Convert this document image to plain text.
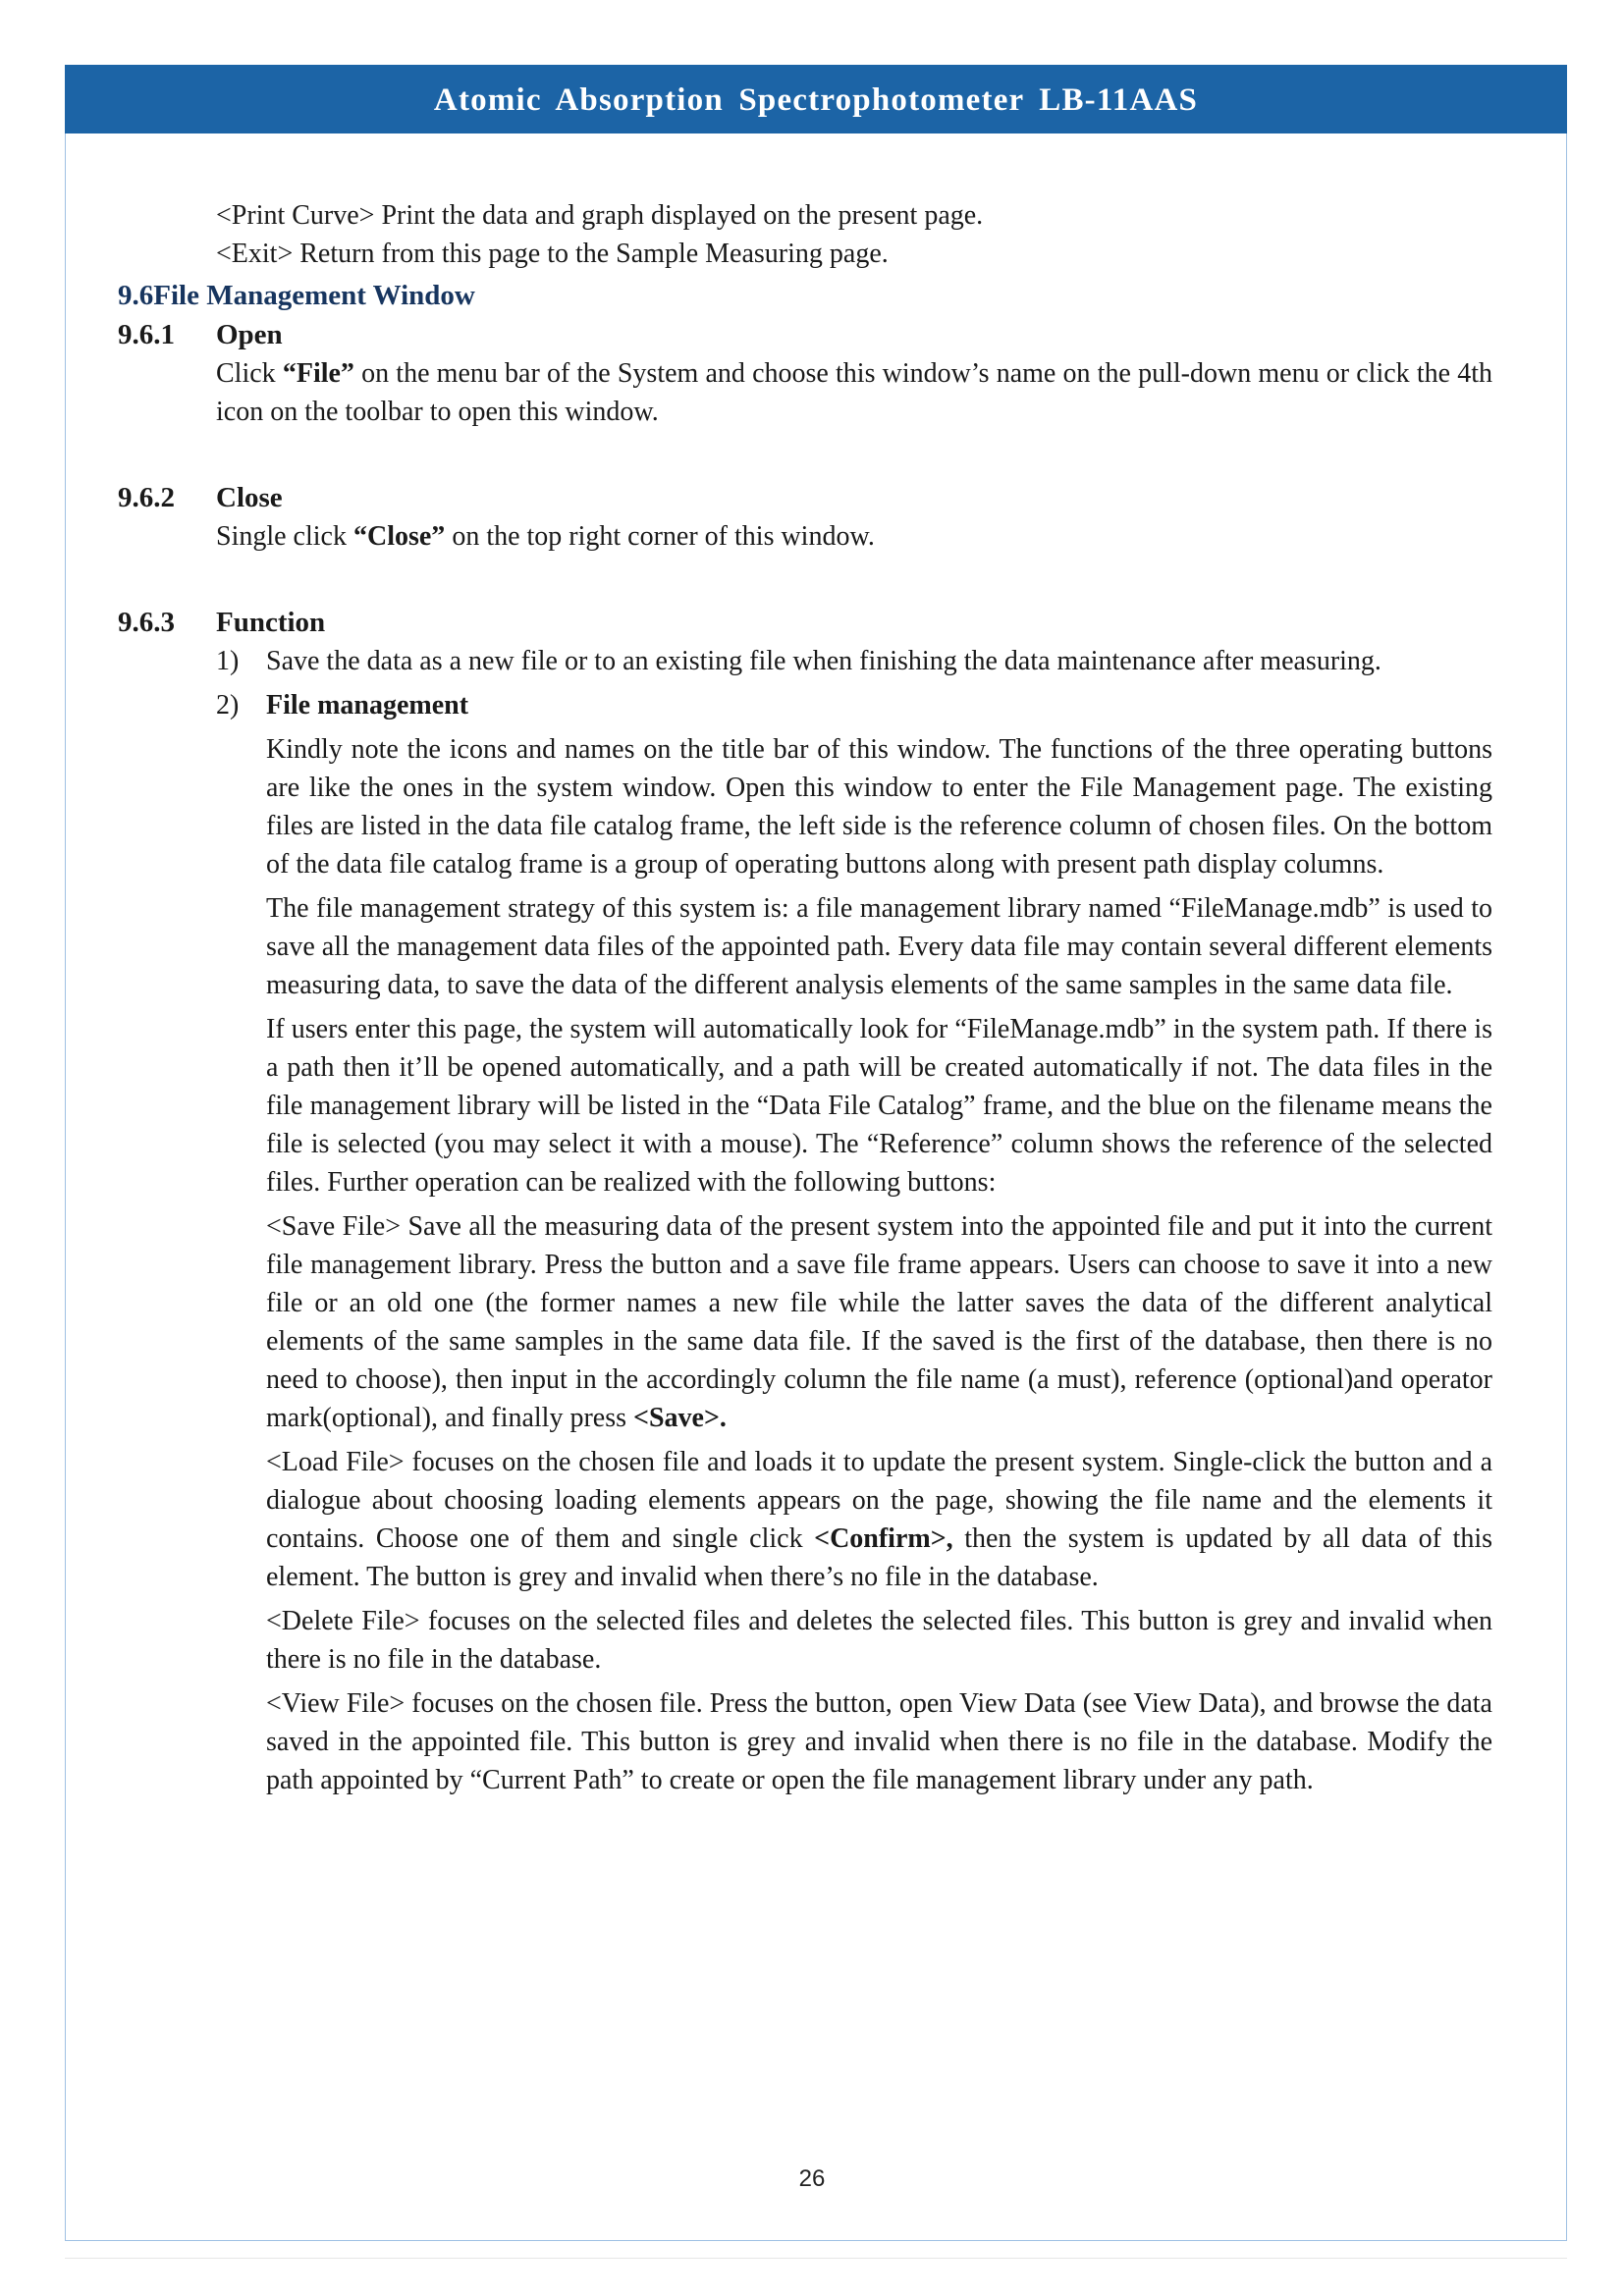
Atomic Absorption Spectrophotometer LB-11AAS

<Print Curve> Print the data and graph displayed on the present page.

<Exit> Return from this page to the Sample Measuring page.

9.6File Management Window

9.6.1	Open

Click “File” on the menu bar of the System and choose this window’s name on the pull-down menu or click the 4th icon on the toolbar to open this window.

9.6.2	Close

Single click “Close” on the top right corner of this window.

9.6.3	Function

1) Save the data as a new file or to an existing file when finishing the data maintenance after measuring.
2) File management

Kindly note the icons and names on the title bar of this window. The functions of the three operating buttons are like the ones in the system window. Open this window to enter the File Management page. The existing files are listed in the data file catalog frame, the left side is the reference column of chosen files. On the bottom of the data file catalog frame is a group of operating buttons along with present path display columns.

The file management strategy of this system is: a file management library named “FileManage.mdb” is used to save all the management data files of the appointed path. Every data file may contain several different elements measuring data, to save the data of the different analysis elements of the same samples in the same data file.

If users enter this page, the system will automatically look for “FileManage.mdb” in the system path. If there is a path then it’ll be opened automatically, and a path will be created automatically if not. The data files in the file management library will be listed in the “Data File Catalog” frame, and the blue on the filename means the file is selected (you may select it with a mouse). The “Reference” column shows the reference of the selected files. Further operation can be realized with the following buttons:

<Save File> Save all the measuring data of the present system into the appointed file and put it into the current file management library. Press the button and a save file frame appears. Users can choose to save it into a new file or an old one (the former names a new file while the latter saves the data of the different analytical elements of the same samples in the same data file. If the saved is the first of the database, then there is no need to choose), then input in the accordingly column the file name (a must), reference (optional)and operator mark(optional), and finally press <Save>.

<Load File> focuses on the chosen file and loads it to update the present system. Single-click the button and a dialogue about choosing loading elements appears on the page, showing the file name and the elements it contains. Choose one of them and single click <Confirm>, then the system is updated by all data of this element. The button is grey and invalid when there’s no file in the database.

<Delete File> focuses on the selected files and deletes the selected files. This button is grey and invalid when there is no file in the database.

<View File> focuses on the chosen file. Press the button, open View Data (see View Data), and browse the data saved in the appointed file. This button is grey and invalid when there is no file in the database. Modify the path appointed by “Current Path” to create or open the file management library under any path.

26
